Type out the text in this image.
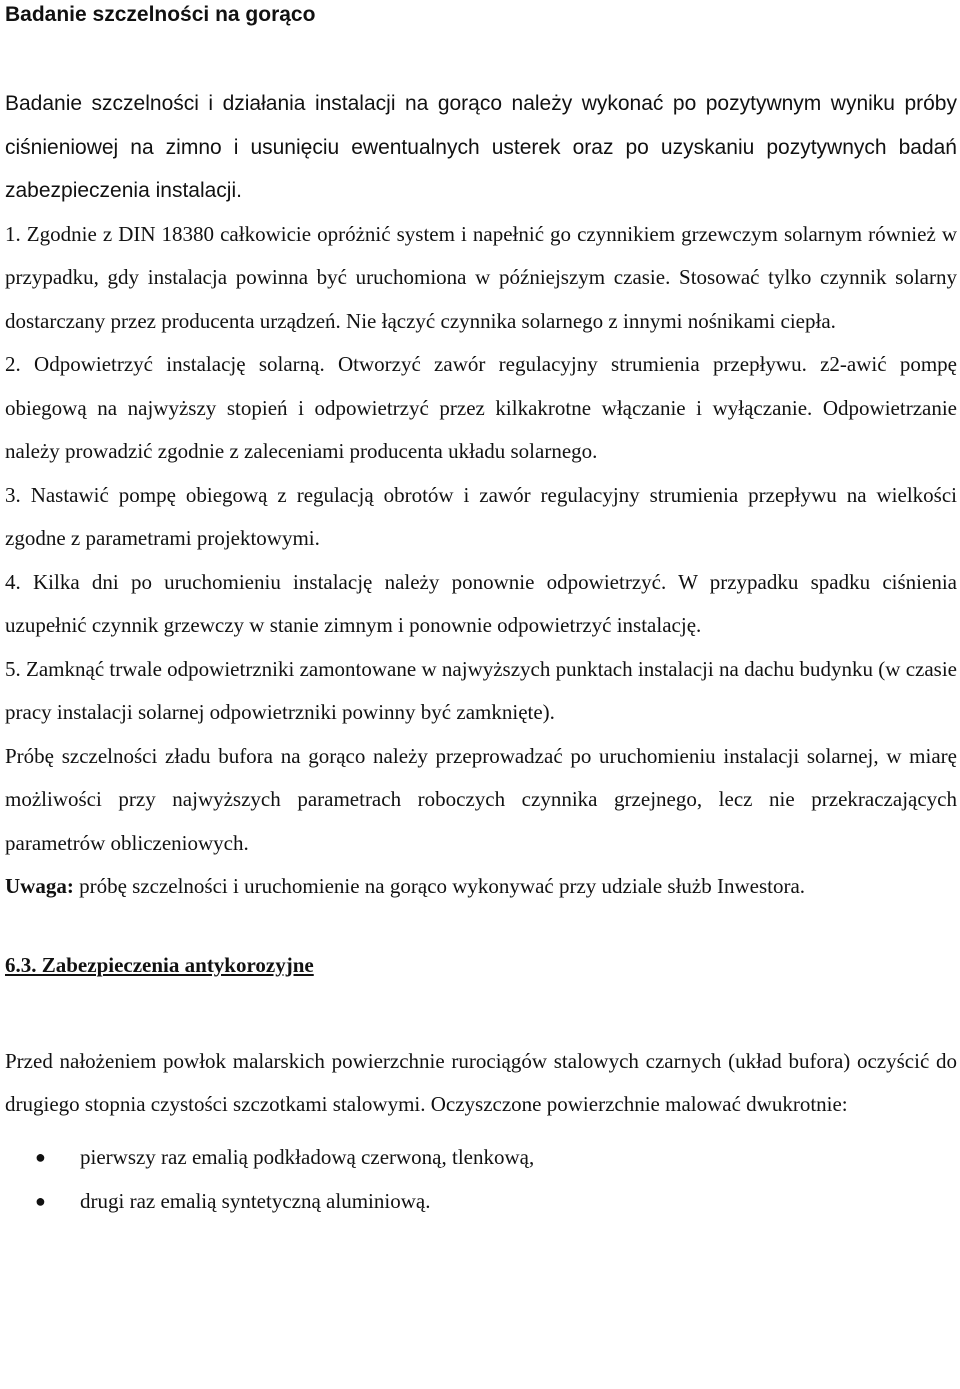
Badanie szczelności na gorąco

Badanie szczelności i działania instalacji na gorąco należy wykonać po pozytywnym wyniku próby ciśnieniowej na zimno i usunięciu ewentualnych usterek oraz po uzyskaniu pozytywnych badań zabezpieczenia instalacji.

1. Zgodnie z DIN 18380 całkowicie opróżnić system i napełnić go czynnikiem grzewczym solarnym również w przypadku, gdy instalacja powinna być uruchomiona w późniejszym czasie. Stosować tylko czynnik solarny dostarczany przez producenta urządzeń. Nie łączyć czynnika solarnego z innymi nośnikami ciepła.

2. Odpowietrzyć instalację solarną. Otworzyć zawór regulacyjny strumienia przepływu. z2-awić pompę obiegową na najwyższy stopień i odpowietrzyć przez kilkakrotne włączanie i wyłączanie. Odpowietrzanie należy prowadzić zgodnie z zaleceniami producenta układu solarnego.

3. Nastawić pompę obiegową z regulacją obrotów i zawór regulacyjny strumienia przepływu na wielkości zgodne z parametrami projektowymi.

4. Kilka dni po uruchomieniu instalację należy ponownie odpowietrzyć. W przypadku spadku ciśnienia uzupełnić czynnik grzewczy w stanie zimnym i ponownie odpowietrzyć instalację.

5. Zamknąć trwale odpowietrzniki zamontowane w najwyższych punktach instalacji na dachu budynku (w czasie pracy instalacji solarnej odpowietrzniki powinny być zamknięte).

Próbę szczelności zładu bufora na gorąco należy przeprowadzać po uruchomieniu instalacji solarnej, w miarę możliwości przy najwyższych parametrach roboczych czynnika grzejnego, lecz nie przekraczających parametrów obliczeniowych.

Uwaga: próbę szczelności i uruchomienie na gorąco wykonywać przy udziale służb Inwestora.

6.3. Zabezpieczenia antykorozyjne

Przed nałożeniem powłok malarskich powierzchnie rurociągów stalowych czarnych (układ bufora) oczyścić do drugiego stopnia czystości szczotkami stalowymi. Oczyszczone powierzchnie malować dwukrotnie:

● pierwszy raz emalią podkładową czerwoną, tlenkową,
● drugi raz emalią syntetyczną aluminiową.
